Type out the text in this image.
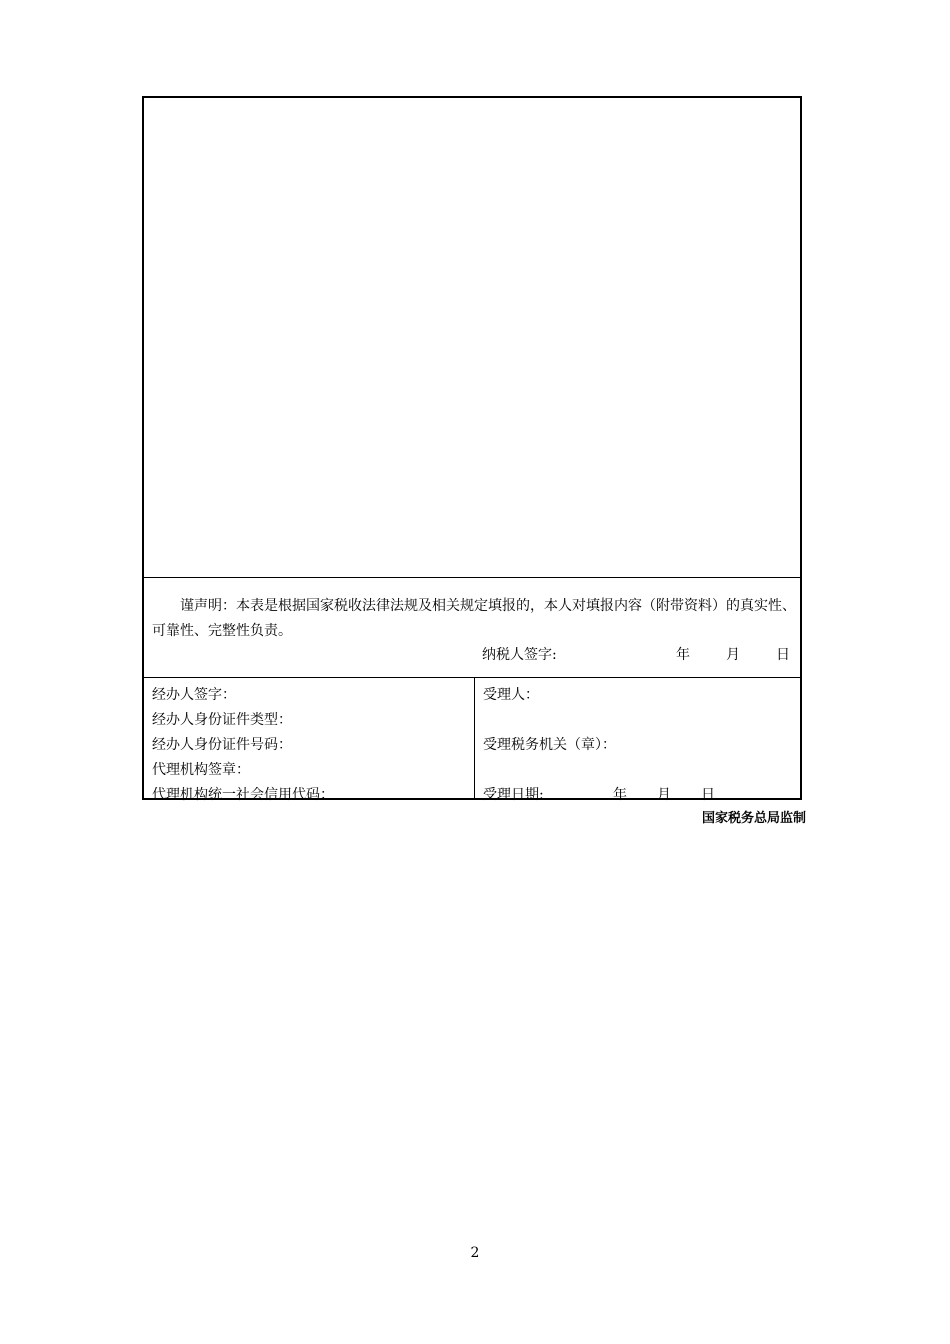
谨声明：本表是根据国家税收法律法规及相关规定填报的，本人对填报内容（附带资料）的真实性、可靠性、完整性负责。
纳税人签字:	年	月	日
经办人签字：
经办人身份证件类型：
经办人身份证件号码：
代理机构签章：
代理机构统一社会信用代码：
受理人：
受理税务机关（章）：
受理日期:	年 月 日
国家税务总局监制
2
